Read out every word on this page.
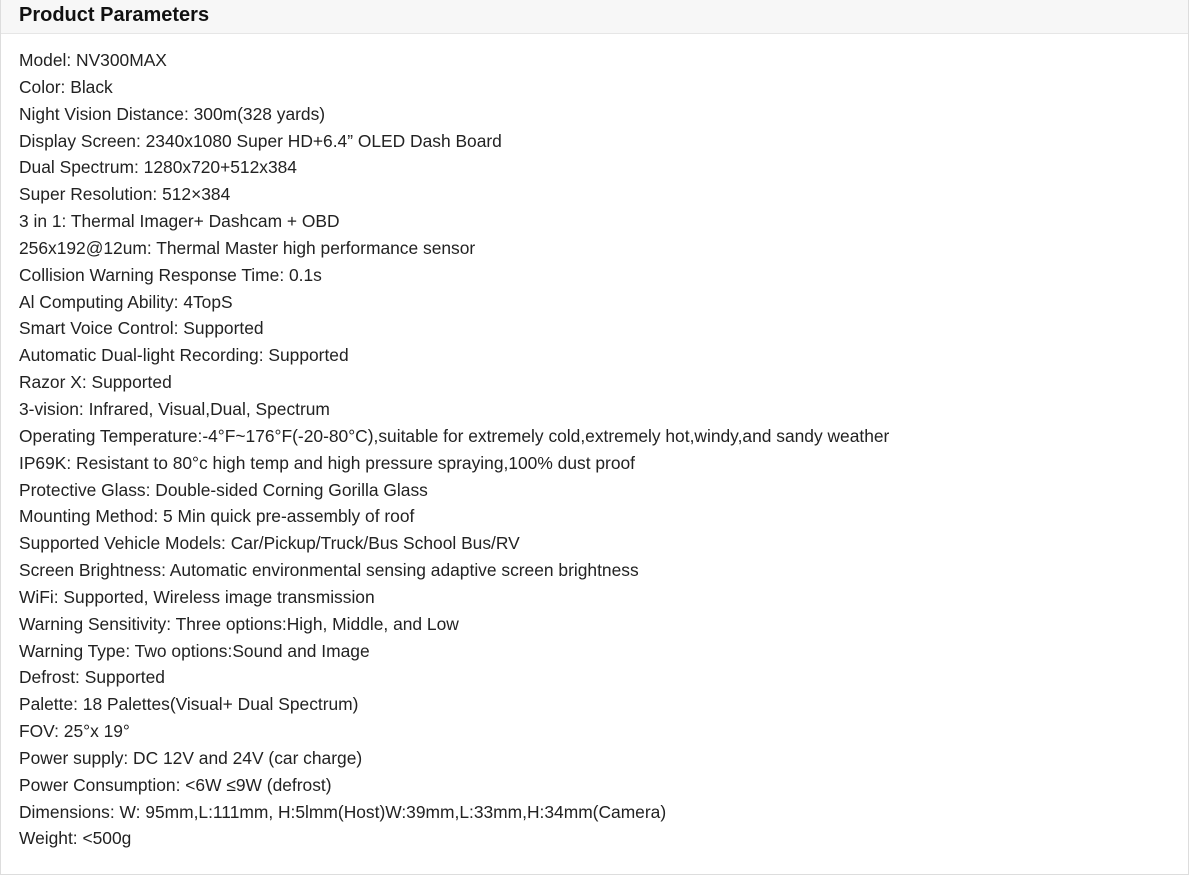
Product Parameters
Model: NV300MAX
Color: Black
Night Vision Distance: 300m(328 yards)
Display Screen: 2340x1080 Super HD+6.4” OLED Dash Board
Dual Spectrum: 1280x720+512x384
Super Resolution: 512×384
3 in 1: Thermal Imager+ Dashcam + OBD
256x192@12um: Thermal Master high performance sensor
Collision Warning Response Time: 0.1s
Al Computing Ability: 4TopS
Smart Voice Control: Supported
Automatic Dual-light Recording: Supported
Razor X: Supported
3-vision: Infrared, Visual,Dual, Spectrum
Operating Temperature:-4°F~176°F(-20-80°C),suitable for extremely cold,extremely hot,windy,and sandy weather
IP69K: Resistant to 80°c high temp and high pressure spraying,100% dust proof
Protective Glass: Double-sided Corning Gorilla Glass
Mounting Method: 5 Min quick pre-assembly of roof
Supported Vehicle Models: Car/Pickup/Truck/Bus School Bus/RV
Screen Brightness: Automatic environmental sensing adaptive screen brightness
WiFi: Supported, Wireless image transmission
Warning Sensitivity: Three options:High, Middle, and Low
Warning Type: Two options:Sound and Image
Defrost: Supported
Palette: 18 Palettes(Visual+ Dual Spectrum)
FOV: 25°x 19°
Power supply: DC 12V and 24V (car charge)
Power Consumption: <6W ≤9W (defrost)
Dimensions: W: 95mm,L:111mm, H:5lmm(Host)W:39mm,L:33mm,H:34mm(Camera)
Weight: <500g
